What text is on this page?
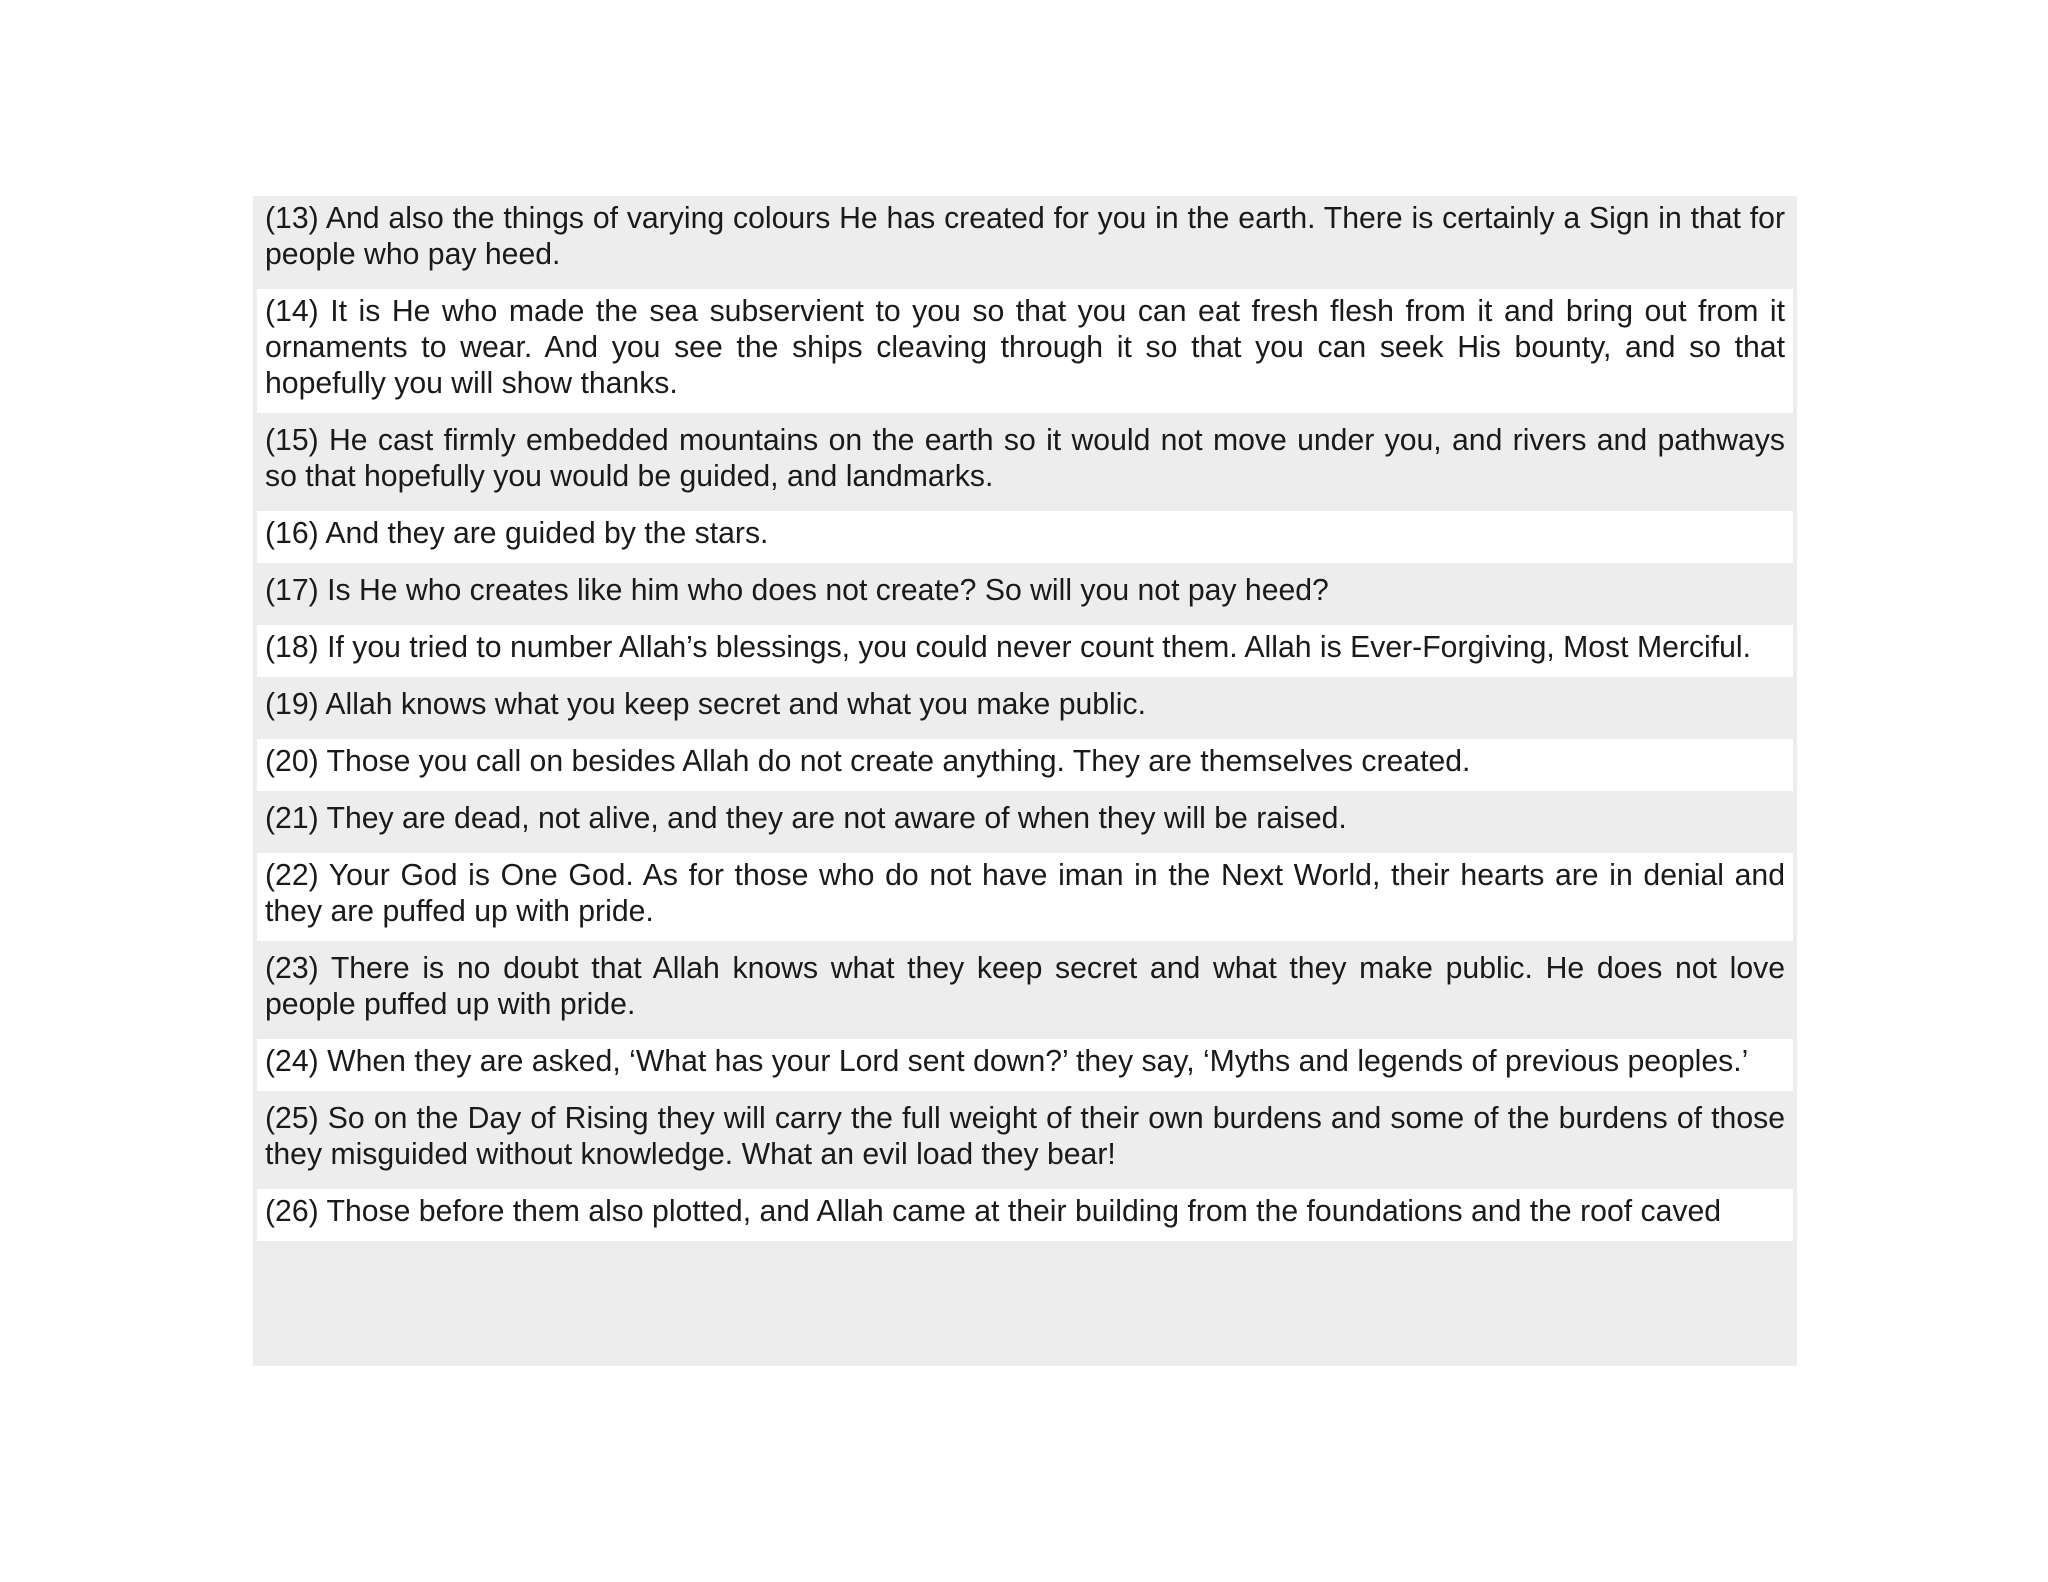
(13) And also the things of varying colours He has created for you in the earth. There is certainly a Sign in that for people who pay heed.
(14) It is He who made the sea subservient to you so that you can eat fresh flesh from it and bring out from it ornaments to wear. And you see the ships cleaving through it so that you can seek His bounty, and so that hopefully you will show thanks.
(15) He cast firmly embedded mountains on the earth so it would not move under you, and rivers and pathways so that hopefully you would be guided, and landmarks.
(16) And they are guided by the stars.
(17) Is He who creates like him who does not create? So will you not pay heed?
(18) If you tried to number Allah’s blessings, you could never count them. Allah is Ever-Forgiving, Most Merciful.
(19) Allah knows what you keep secret and what you make public.
(20) Those you call on besides Allah do not create anything. They are themselves created.
(21) They are dead, not alive, and they are not aware of when they will be raised.
(22) Your God is One God. As for those who do not have iman in the Next World, their hearts are in denial and they are puffed up with pride.
(23) There is no doubt that Allah knows what they keep secret and what they make public. He does not love people puffed up with pride.
(24) When they are asked, ‘What has your Lord sent down?’ they say, ‘Myths and legends of previous peoples.’
(25) So on the Day of Rising they will carry the full weight of their own burdens and some of the burdens of those they misguided without knowledge. What an evil load they bear!
(26) Those before them also plotted, and Allah came at their building from the foundations and the roof caved
